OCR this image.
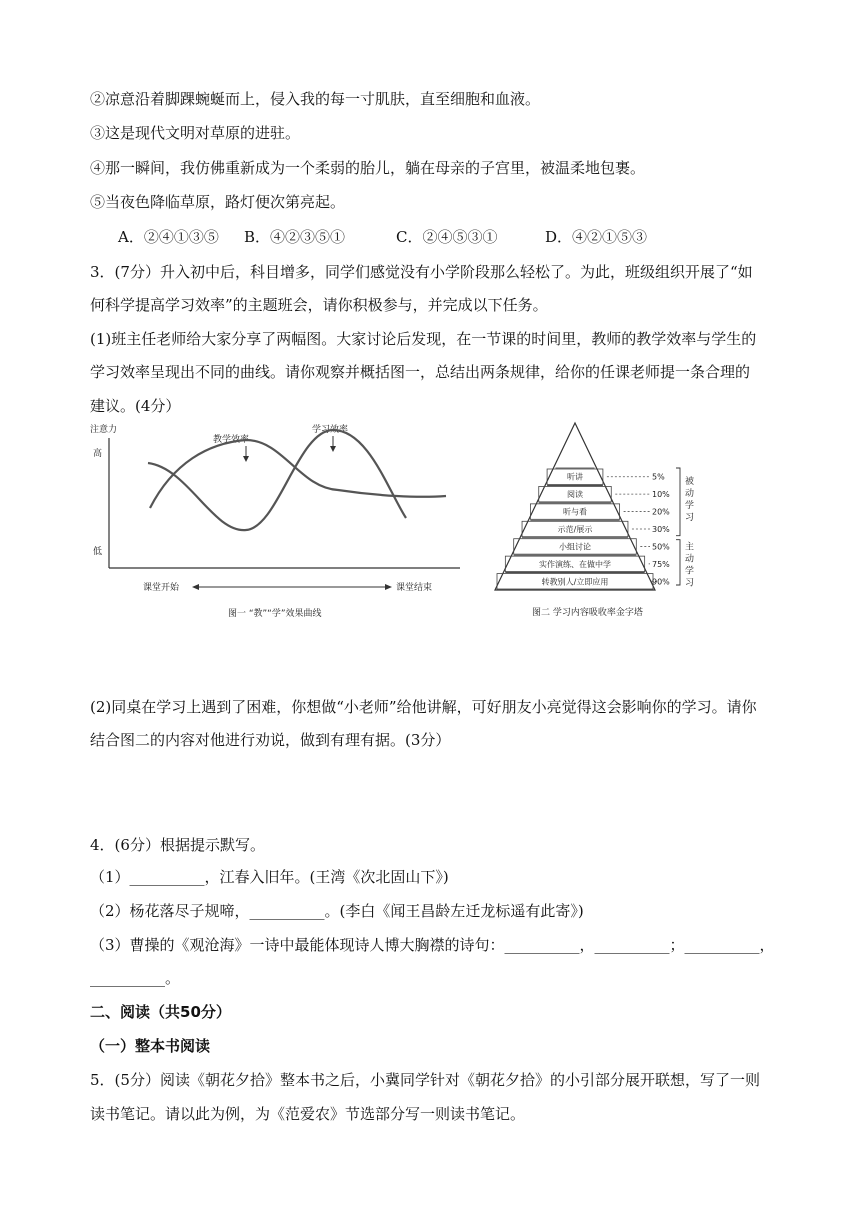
②凉意沿着脚踝蜿蜒而上，侵入我的每一寸肌肤，直至细胞和血液。
③这是现代文明对草原的进驻。
④那一瞬间，我仿佛重新成为一个柔弱的胎儿，躺在母亲的子宫里，被温柔地包裹。
⑤当夜色降临草原，路灯便次第亮起。
A．②④①③⑤ B．④②③⑤①	C．②④⑤③①	D．④②①⑤③
3．(7分）升入初中后，科目增多，同学们感觉没有小学阶段那么轻松了。为此，班级组织开展了“如
何科学提高学习效率”的主题班会，请你积极参与，并完成以下任务。
(1)班主任老师给大家分享了两幅图。大家讨论后发现，在一节课的时间里，教师的教学效率与学生的
学习效率呈现出不同的曲线。请你观察并概括图一，总结出两条规律，给你的任课老师提一条合理的
建议。(4分）
注意力
高
低
教学效率
学习效率
课堂开始	课堂结束
图一 “教”“学”效果曲线
听讲	5%
阅读	10%
听与看	20%
示范/展示	30%
小组讨论	50%
实作演练、在做中学	75%
转教别人/立即应用	90%
被
动
学
习
主
动
学
习
图二 学习内容吸收率金字塔
(2)同桌在学习上遇到了困难，你想做“小老师”给他讲解，可好朋友小亮觉得这会影响你的学习。请你
结合图二的内容对他进行劝说，做到有理有据。(3分）
4．(6分）根据提示默写。
（1）__________，江春入旧年。(王湾《次北固山下》)
（2）杨花落尽子规啼，__________。(李白《闻王昌龄左迁龙标遥有此寄》)
（3）曹操的《观沧海》一诗中最能体现诗人博大胸襟的诗句：__________，__________；__________，
__________。
二、阅读（共50分）
（一）整本书阅读
5．(5分）阅读《朝花夕拾》整本书之后，小冀同学针对《朝花夕拾》的小引部分展开联想，写了一则
读书笔记。请以此为例，为《范爱农》节选部分写一则读书笔记。
